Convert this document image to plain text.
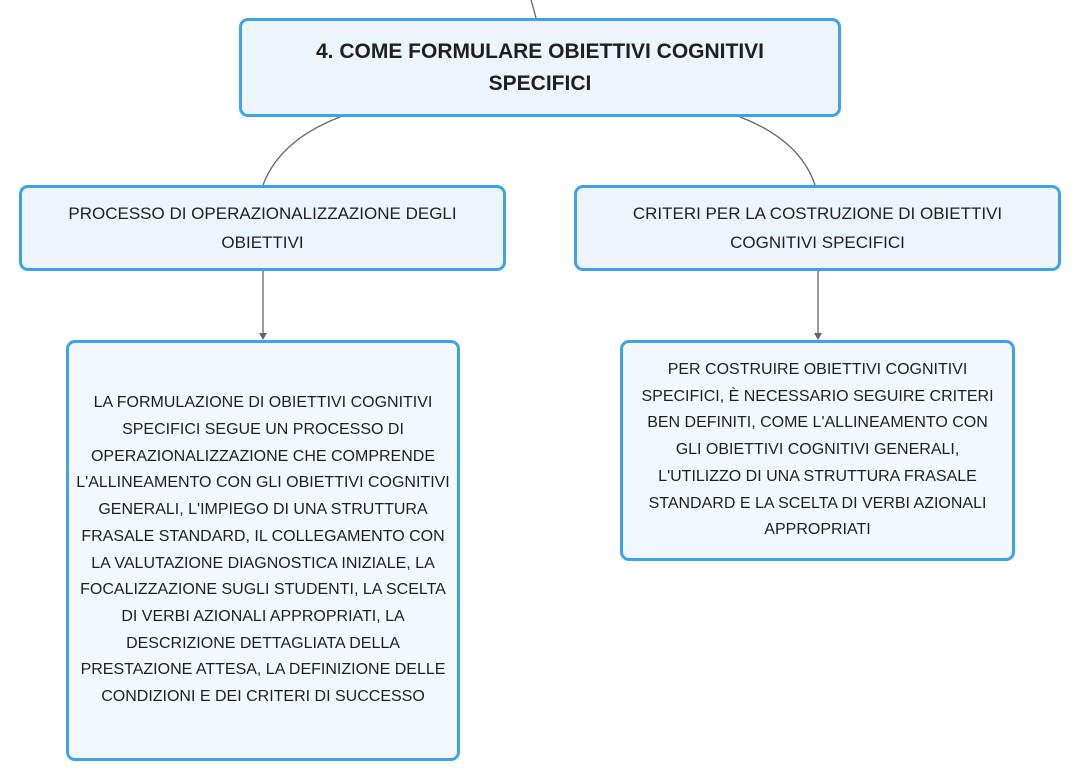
4. COME FORMULARE OBIETTIVI COGNITIVI SPECIFICI
PROCESSO DI OPERAZIONALIZZAZIONE DEGLI OBIETTIVI
CRITERI PER LA COSTRUZIONE DI OBIETTIVI COGNITIVI SPECIFICI
LA FORMULAZIONE DI OBIETTIVI COGNITIVI SPECIFICI SEGUE UN PROCESSO DI OPERAZIONALIZZAZIONE CHE COMPRENDE L'ALLINEAMENTO CON GLI OBIETTIVI COGNITIVI GENERALI, L'IMPIEGO DI UNA STRUTTURA FRASALE STANDARD, IL COLLEGAMENTO CON LA VALUTAZIONE DIAGNOSTICA INIZIALE, LA FOCALIZZAZIONE SUGLI STUDENTI, LA SCELTA DI VERBI AZIONALI APPROPRIATI, LA DESCRIZIONE DETTAGLIATA DELLA PRESTAZIONE ATTESA, LA DEFINIZIONE DELLE CONDIZIONI E DEI CRITERI DI SUCCESSO
PER COSTRUIRE OBIETTIVI COGNITIVI SPECIFICI, È NECESSARIO SEGUIRE CRITERI BEN DEFINITI, COME L'ALLINEAMENTO CON GLI OBIETTIVI COGNITIVI GENERALI, L'UTILIZZO DI UNA STRUTTURA FRASALE STANDARD E LA SCELTA DI VERBI AZIONALI APPROPRIATI
